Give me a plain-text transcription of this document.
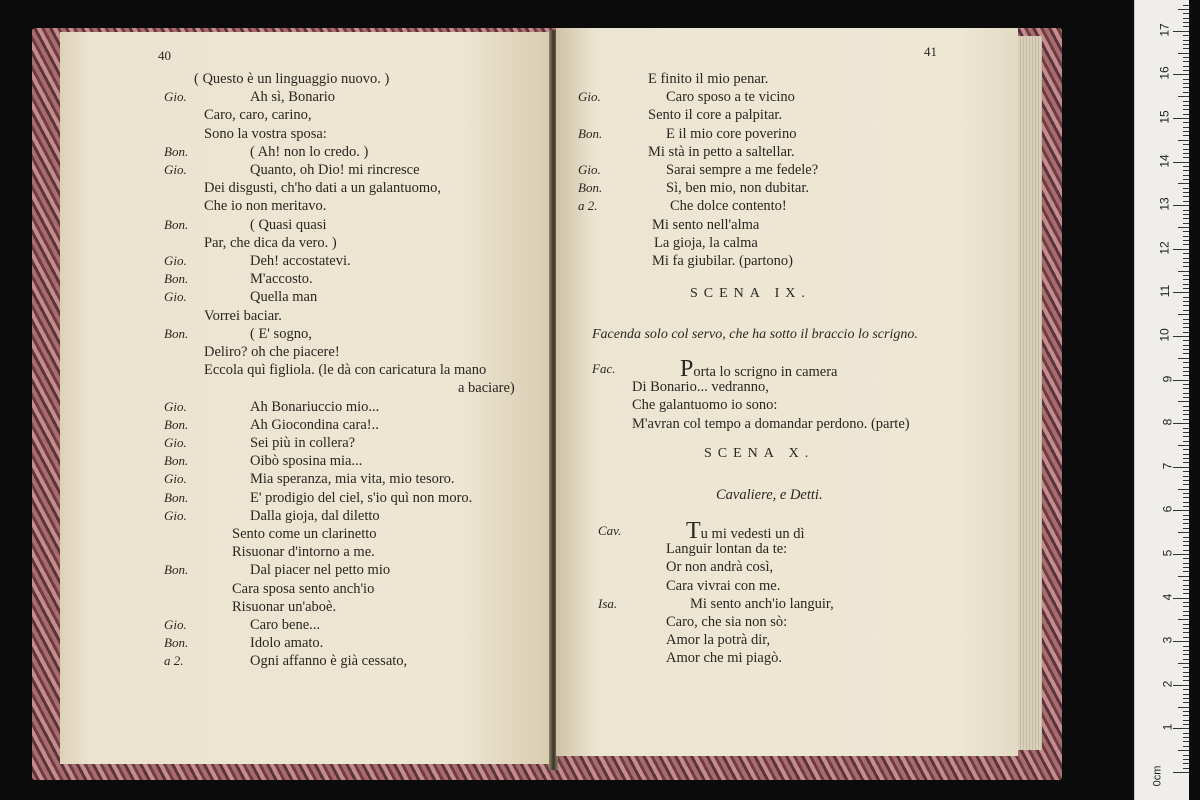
40
( Questo è un linguaggio nuovo. )
Gio.	Ah sì, Bonario
Caro, caro, carino,
Sono la vostra sposa:
Bon.	( Ah! non lo credo. )
Gio.	Quanto, oh Dio! mi rincresce
Dei disgusti, ch'ho dati a un galantuomo,
Che io non meritavo.
Bon.	( Quasi quasi
Par, che dica da vero. )
Gio.	Deh! accostatevi.
Bon.	M'accosto.
Gio.	Quella man
Vorrei baciar.
Bon.	( E' sogno,
Deliro? oh che piacere!
Eccola quì figliola. (le dà con caricatura la mano
a baciare)
Gio.	Ah Bonariuccio mio...
Bon.	Ah Giocondina cara!..
Gio.	Sei più in collera?
Bon.	Oibò sposina mia...
Gio.	Mia speranza, mia vita, mio tesoro.
Bon.	E' prodigio del ciel, s'io quì non moro.
Gio.	Dalla gioja, dal diletto
Sento come un clarinetto
Risuonar d'intorno a me.
Bon.	Dal piacer nel petto mio
Cara sposa sento anch'io
Risuonar un'aboè.
Gio.	Caro bene...
Bon.	Idolo amato.
a 2.	Ogni affanno è già cessato,
41
E finito il mio penar.
Gio.	Caro sposo a te vicino
Sento il core a palpitar.
Bon.	E il mio core poverino
Mi stà in petto a saltellar.
Gio.	Sarai sempre a me fedele?
Bon.	Sì, ben mio, non dubitar.
a 2.	Che dolce contento!
Mi sento nell'alma
La gioja, la calma
Mi fa giubilar. (partono)
SCENA IX.
Facenda solo col servo, che ha sotto il braccio lo scrigno.
Fac.	Porta lo scrigno in camera
Di Bonario... vedranno,
Che galantuomo io sono:
M'avran col tempo a domandar perdono. (parte)
SCENA X.
Cavaliere, e Detti.
Cav.	Tu mi vedesti un dì
Languir lontan da te:
Or non andrà così,
Cara vivrai con me.
Isa.	Mi sento anch'io languir,
Caro, che sia non sò:
Amor la potrà dir,
Amor che mi piagò.
1
2
3
4
5
6
7
8
9
10
11
12
13
14
15
16
17
0cm
